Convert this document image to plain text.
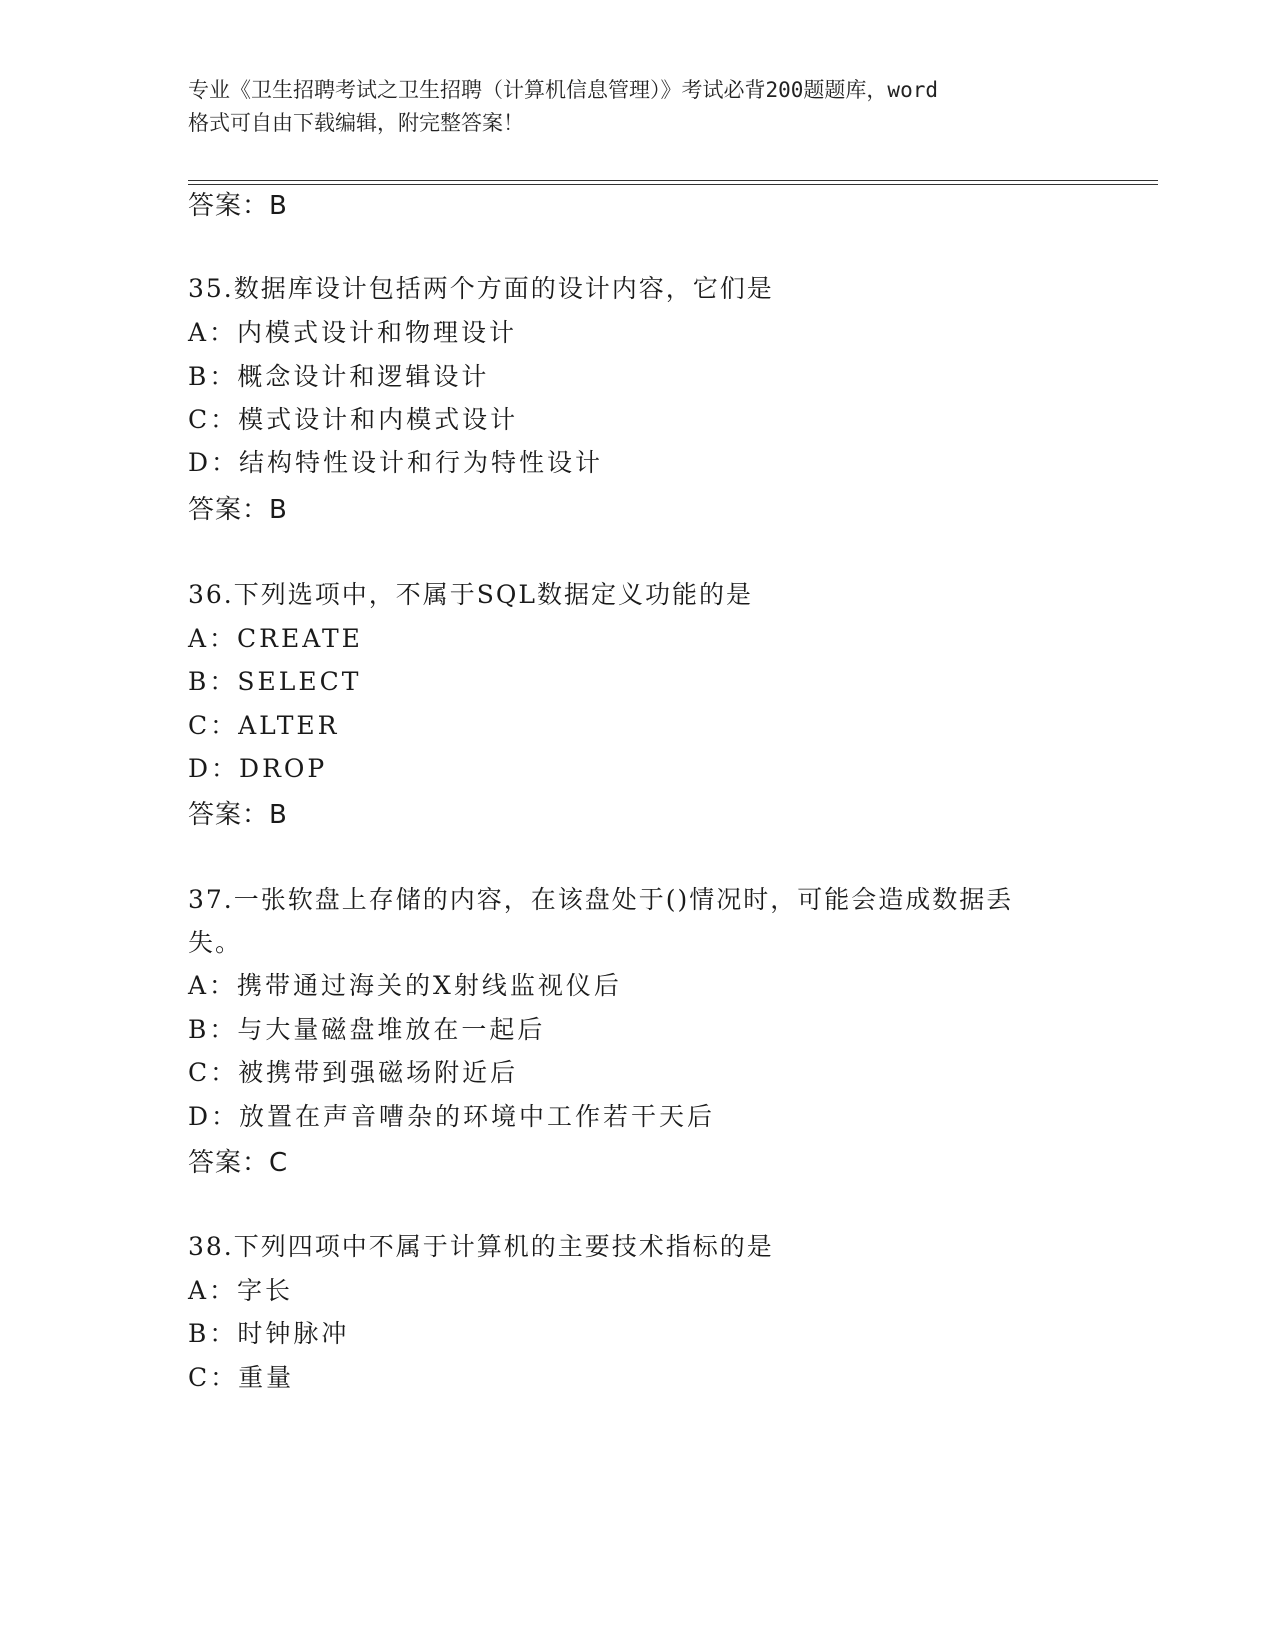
专业《卫生招聘考试之卫生招聘（计算机信息管理）》考试必背200题题库，word
格式可自由下载编辑，附完整答案！
答案：B
35.数据库设计包括两个方面的设计内容，它们是
A：内模式设计和物理设计
B：概念设计和逻辑设计
C：模式设计和内模式设计
D：结构特性设计和行为特性设计
答案：B
36.下列选项中，不属于SQL数据定义功能的是
A：CREATE
B：SELECT
C：ALTER
D：DROP
答案：B
37.一张软盘上存储的内容，在该盘处于()情况时，可能会造成数据丢
失。
A：携带通过海关的X射线监视仪后
B：与大量磁盘堆放在一起后
C：被携带到强磁场附近后
D：放置在声音嘈杂的环境中工作若干天后
答案：C
38.下列四项中不属于计算机的主要技术指标的是
A：字长
B：时钟脉冲
C：重量
